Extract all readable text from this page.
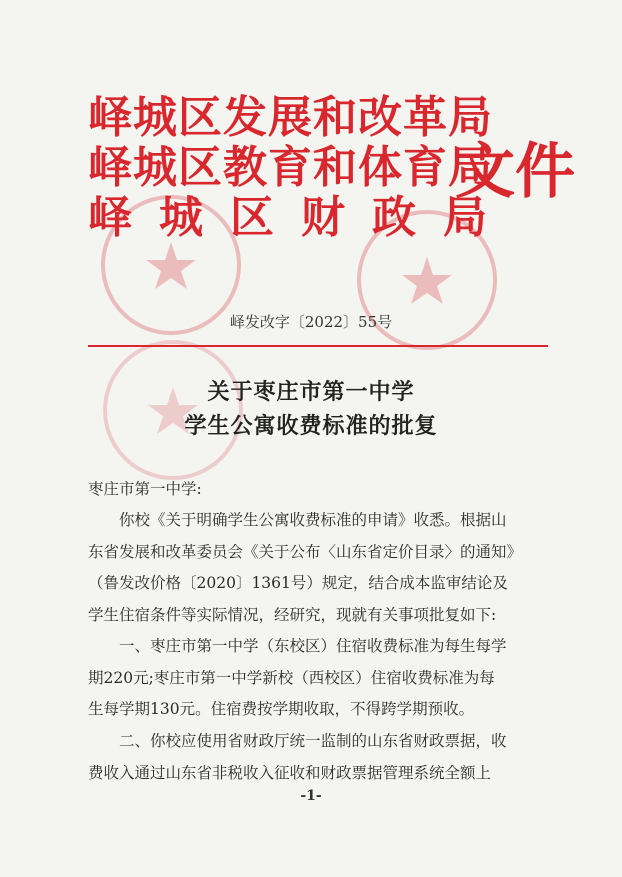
峄城区发展和改革局
峄城区教育和体育局
峄城区财政局
文件
峄发改字〔2022〕55号
关于枣庄市第一中学
学生公寓收费标准的批复
枣庄市第一中学:
　　你校《关于明确学生公寓收费标准的申请》收悉。根据山
东省发展和改革委员会《关于公布〈山东省定价目录〉的通知》
（鲁发改价格〔2020〕1361号）规定，结合成本监审结论及
学生住宿条件等实际情况，经研究，现就有关事项批复如下:
　　一、枣庄市第一中学（东校区）住宿收费标准为每生每学
期220元;枣庄市第一中学新校（西校区）住宿收费标准为每
生每学期130元。住宿费按学期收取，不得跨学期预收。
　　二、你校应使用省财政厅统一监制的山东省财政票据，收
费收入通过山东省非税收入征收和财政票据管理系统全额上
-1-
